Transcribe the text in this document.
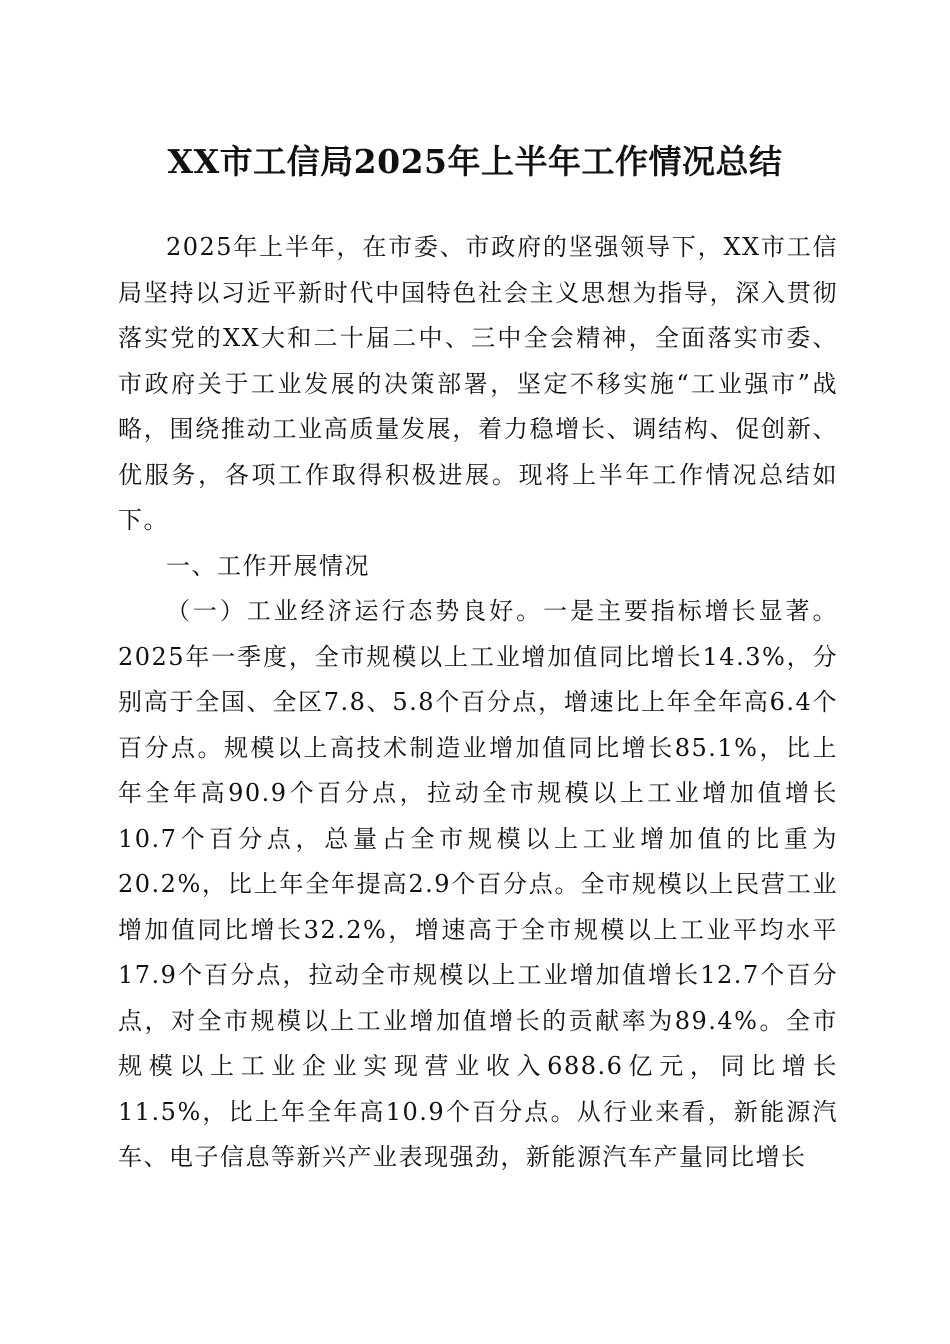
XX市工信局2025年上半年工作情况总结

2025年上半年，在市委、市政府的坚强领导下，XX市工信局坚持以习近平新时代中国特色社会主义思想为指导，深入贯彻落实党的XX大和二十届二中、三中全会精神，全面落实市委、市政府关于工业发展的决策部署，坚定不移实施“工业强市”战略，围绕推动工业高质量发展，着力稳增长、调结构、促创新、优服务，各项工作取得积极进展。现将上半年工作情况总结如下。

一、工作开展情况

（一）工业经济运行态势良好。一是主要指标增长显著。2025年一季度，全市规模以上工业增加值同比增长14.3%，分别高于全国、全区7.8、5.8个百分点，增速比上年全年高6.4个百分点。规模以上高技术制造业增加值同比增长85.1%，比上年全年高90.9个百分点，拉动全市规模以上工业增加值增长10.7个百分点，总量占全市规模以上工业增加值的比重为20.2%，比上年全年提高2.9个百分点。全市规模以上民营工业增加值同比增长32.2%，增速高于全市规模以上工业平均水平17.9个百分点，拉动全市规模以上工业增加值增长12.7个百分点，对全市规模以上工业增加值增长的贡献率为89.4%。全市规模以上工业企业实现营业收入688.6亿元，同比增长11.5%，比上年全年高10.9个百分点。从行业来看，新能源汽车、电子信息等新兴产业表现强劲，新能源汽车产量同比增长
